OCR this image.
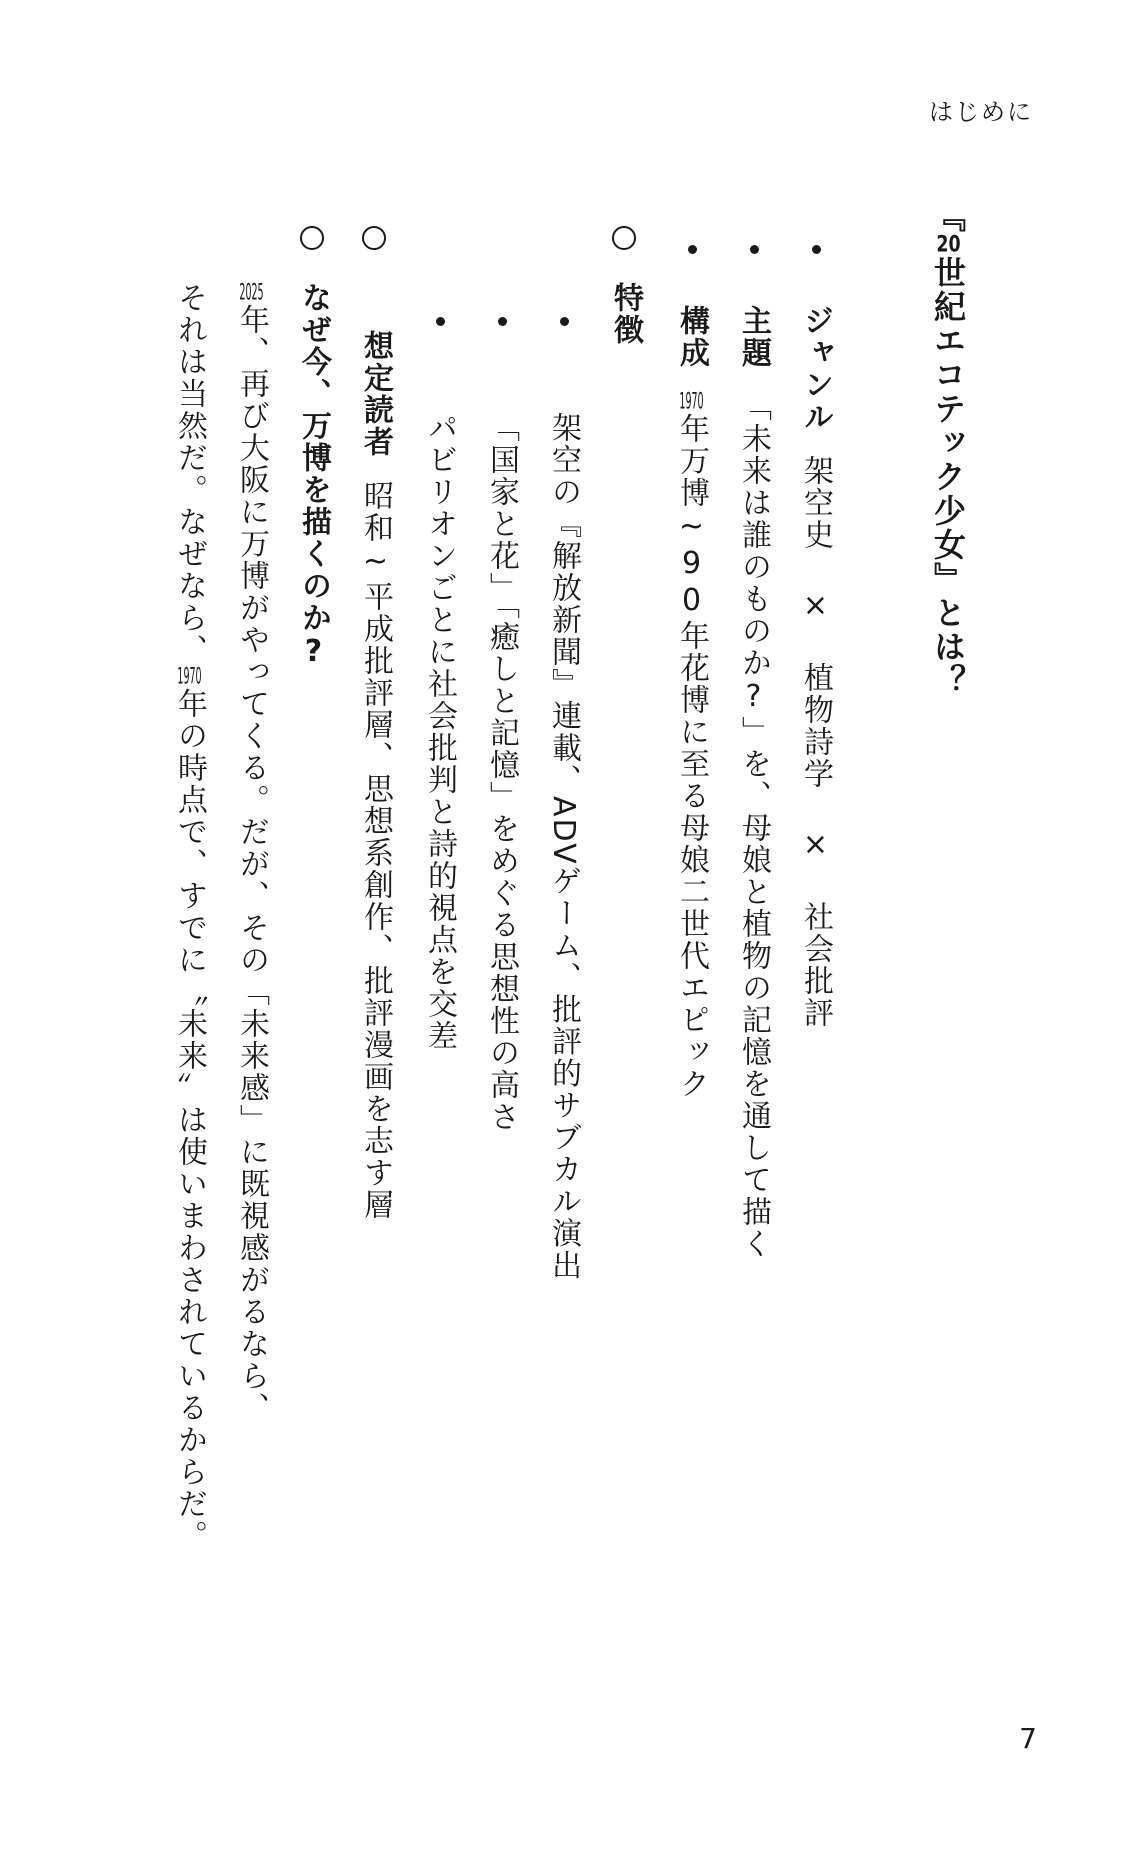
はじめに
『20世紀エコテック少女』とは？
ジャンル架空史 × 植物詩学 × 社会批評
主題「未来は誰のものか?」を、母娘と植物の記憶を通して描く
構成1970年万博~90年花博に至る母娘二世代エピック
特徴
架空の『解放新聞』連載、ADVゲーム、批評的サブカル演出
「国家と花」「癒しと記憶」をめぐる思想性の高さ
パビリオンごとに社会批判と詩的視点を交差
想定読者昭和~平成批評層、思想系創作、批評漫画を志す層
なぜ今、万博を描くのか?
2025年、再び大阪に万博がやってくる。だが、その「未来感」に既視感がるなら、
それは当然だ。なぜなら、1970年の時点で、すでに〝未来〟は使いまわされているからだ。
7
